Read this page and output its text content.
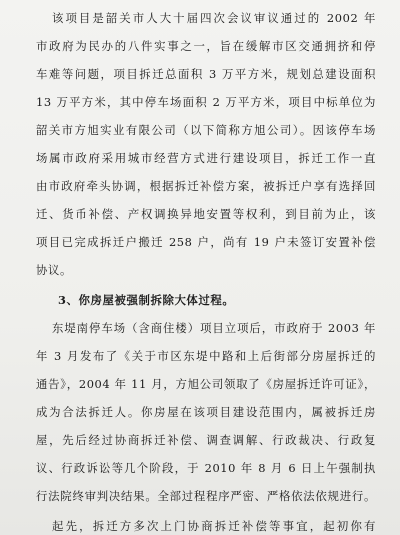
该项目是韶关市人大十届四次会议审议通过的 2002 年
市政府为民办的八件实事之一，旨在缓解市区交通拥挤和停
车难等问题，项目拆迁总面积 3 万平方米，规划总建设面积
13 万平方米，其中停车场面积 2 万平方米，项目中标单位为
韶关市方旭实业有限公司（以下简称方旭公司）。因该停车场
场属市政府采用城市经营方式进行建设项目，拆迁工作一直
由市政府牵头协调，根据拆迁补偿方案，被拆迁户享有选择回
迁、货币补偿、产权调换异地安置等权利，到目前为止，该
项目已完成拆迁户搬迁 258 户，尚有 19 户未签订安置补偿
协议。
3、你房屋被强制拆除大体过程。
东堤南停车场（含商住楼）项目立项后，市政府于 2003 年
年 3 月发布了《关于市区东堤中路和上后街部分房屋拆迁的
通告》，2004 年 11 月，方旭公司领取了《房屋拆迁许可证》，
成为合法拆迁人。你房屋在该项目建设范围内，属被拆迁房
屋，先后经过协商拆迁补偿、调查调解、行政裁决、行政复
议、行政诉讼等几个阶段，于 2010 年 8 月 6 日上午强制执
行法院终审判决结果。全部过程程序严密、严格依法依规进行。
起先，拆迁方多次上门协商拆迁补偿等事宜，起初你有
